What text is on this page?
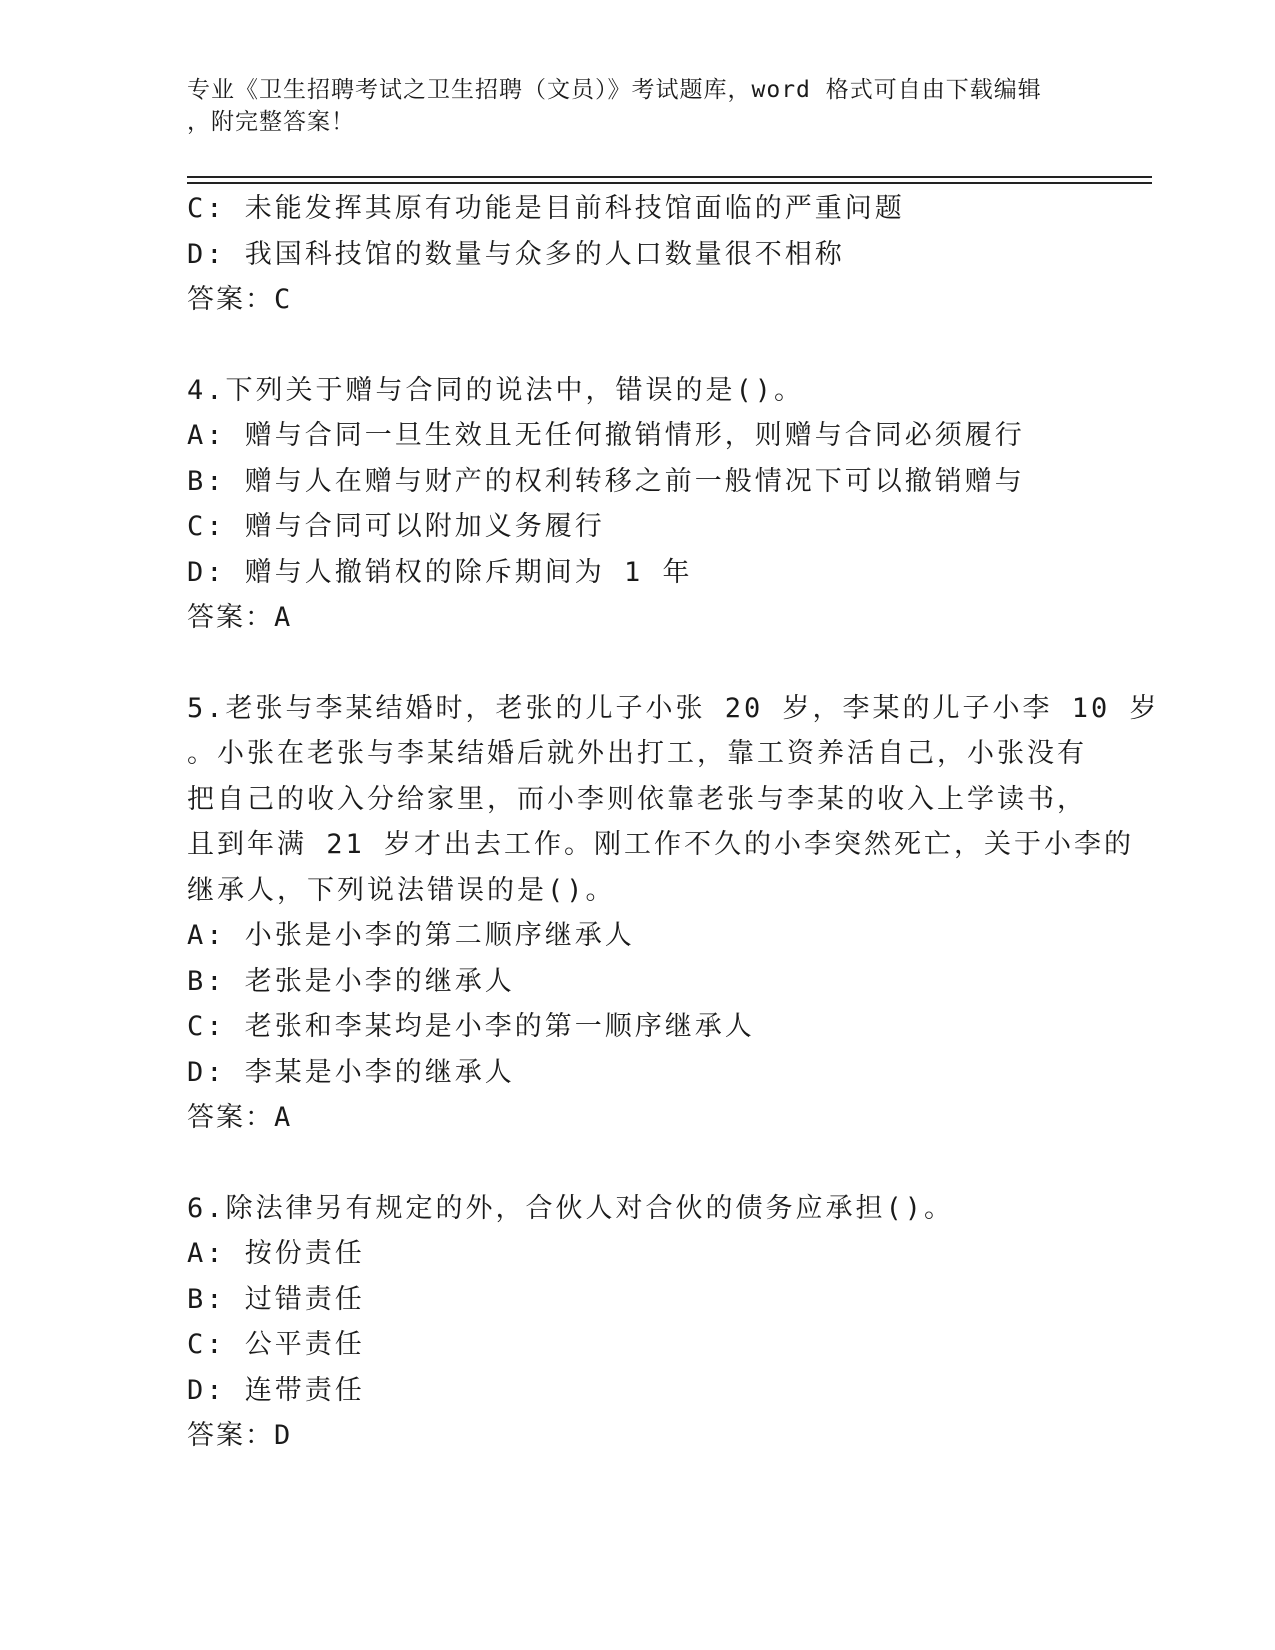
专业《卫生招聘考试之卫生招聘（文员）》考试题库，word 格式可自由下载编辑
，附完整答案！
C: 未能发挥其原有功能是目前科技馆面临的严重问题
D: 我国科技馆的数量与众多的人口数量很不相称
答案：C
4.下列关于赠与合同的说法中，错误的是()。
A: 赠与合同一旦生效且无任何撤销情形，则赠与合同必须履行
B: 赠与人在赠与财产的权利转移之前一般情况下可以撤销赠与
C: 赠与合同可以附加义务履行
D: 赠与人撤销权的除斥期间为 1 年
答案：A
5.老张与李某结婚时，老张的儿子小张 20 岁，李某的儿子小李 10 岁
。小张在老张与李某结婚后就外出打工，靠工资养活自己，小张没有
把自己的收入分给家里，而小李则依靠老张与李某的收入上学读书，
且到年满 21 岁才出去工作。刚工作不久的小李突然死亡，关于小李的
继承人，下列说法错误的是()。
A: 小张是小李的第二顺序继承人
B: 老张是小李的继承人
C: 老张和李某均是小李的第一顺序继承人
D: 李某是小李的继承人
答案：A
6.除法律另有规定的外，合伙人对合伙的债务应承担()。
A: 按份责任
B: 过错责任
C: 公平责任
D: 连带责任
答案：D
